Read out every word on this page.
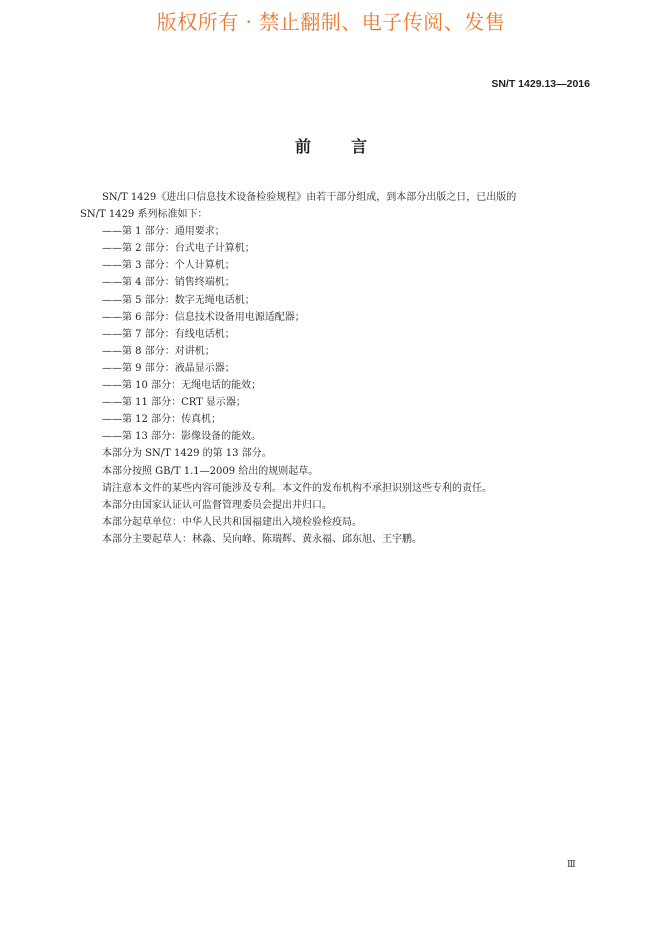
版权所有 · 禁止翻制、电子传阅、发售
SN/T 1429.13—2016
前	言

SN/T 1429《进出口信息技术设备检验规程》由若干部分组成，到本部分出版之日，已出版的

SN/T 1429 系列标准如下：

——第 1 部分：通用要求；

——第 2 部分：台式电子计算机；

——第 3 部分：个人计算机；

——第 4 部分：销售终端机；

——第 5 部分：数字无绳电话机；

——第 6 部分：信息技术设备用电源适配器；

——第 7 部分：有线电话机；

——第 8 部分：对讲机；

——第 9 部分：液晶显示器；

——第 10 部分：无绳电话的能效；

——第 11 部分：CRT 显示器；

——第 12 部分：传真机；

——第 13 部分：影像设备的能效。

本部分为 SN/T 1429 的第 13 部分。

本部分按照 GB/T 1.1—2009 给出的规则起草。

请注意本文件的某些内容可能涉及专利。本文件的发布机构不承担识别这些专利的责任。

本部分由国家认证认可监督管理委员会提出并归口。

本部分起草单位：中华人民共和国福建出入境检验检疫局。

本部分主要起草人：林淼、吴向峰、陈瑞辉、黄永福、邱东旭、王宇鹏。

Ⅲ
